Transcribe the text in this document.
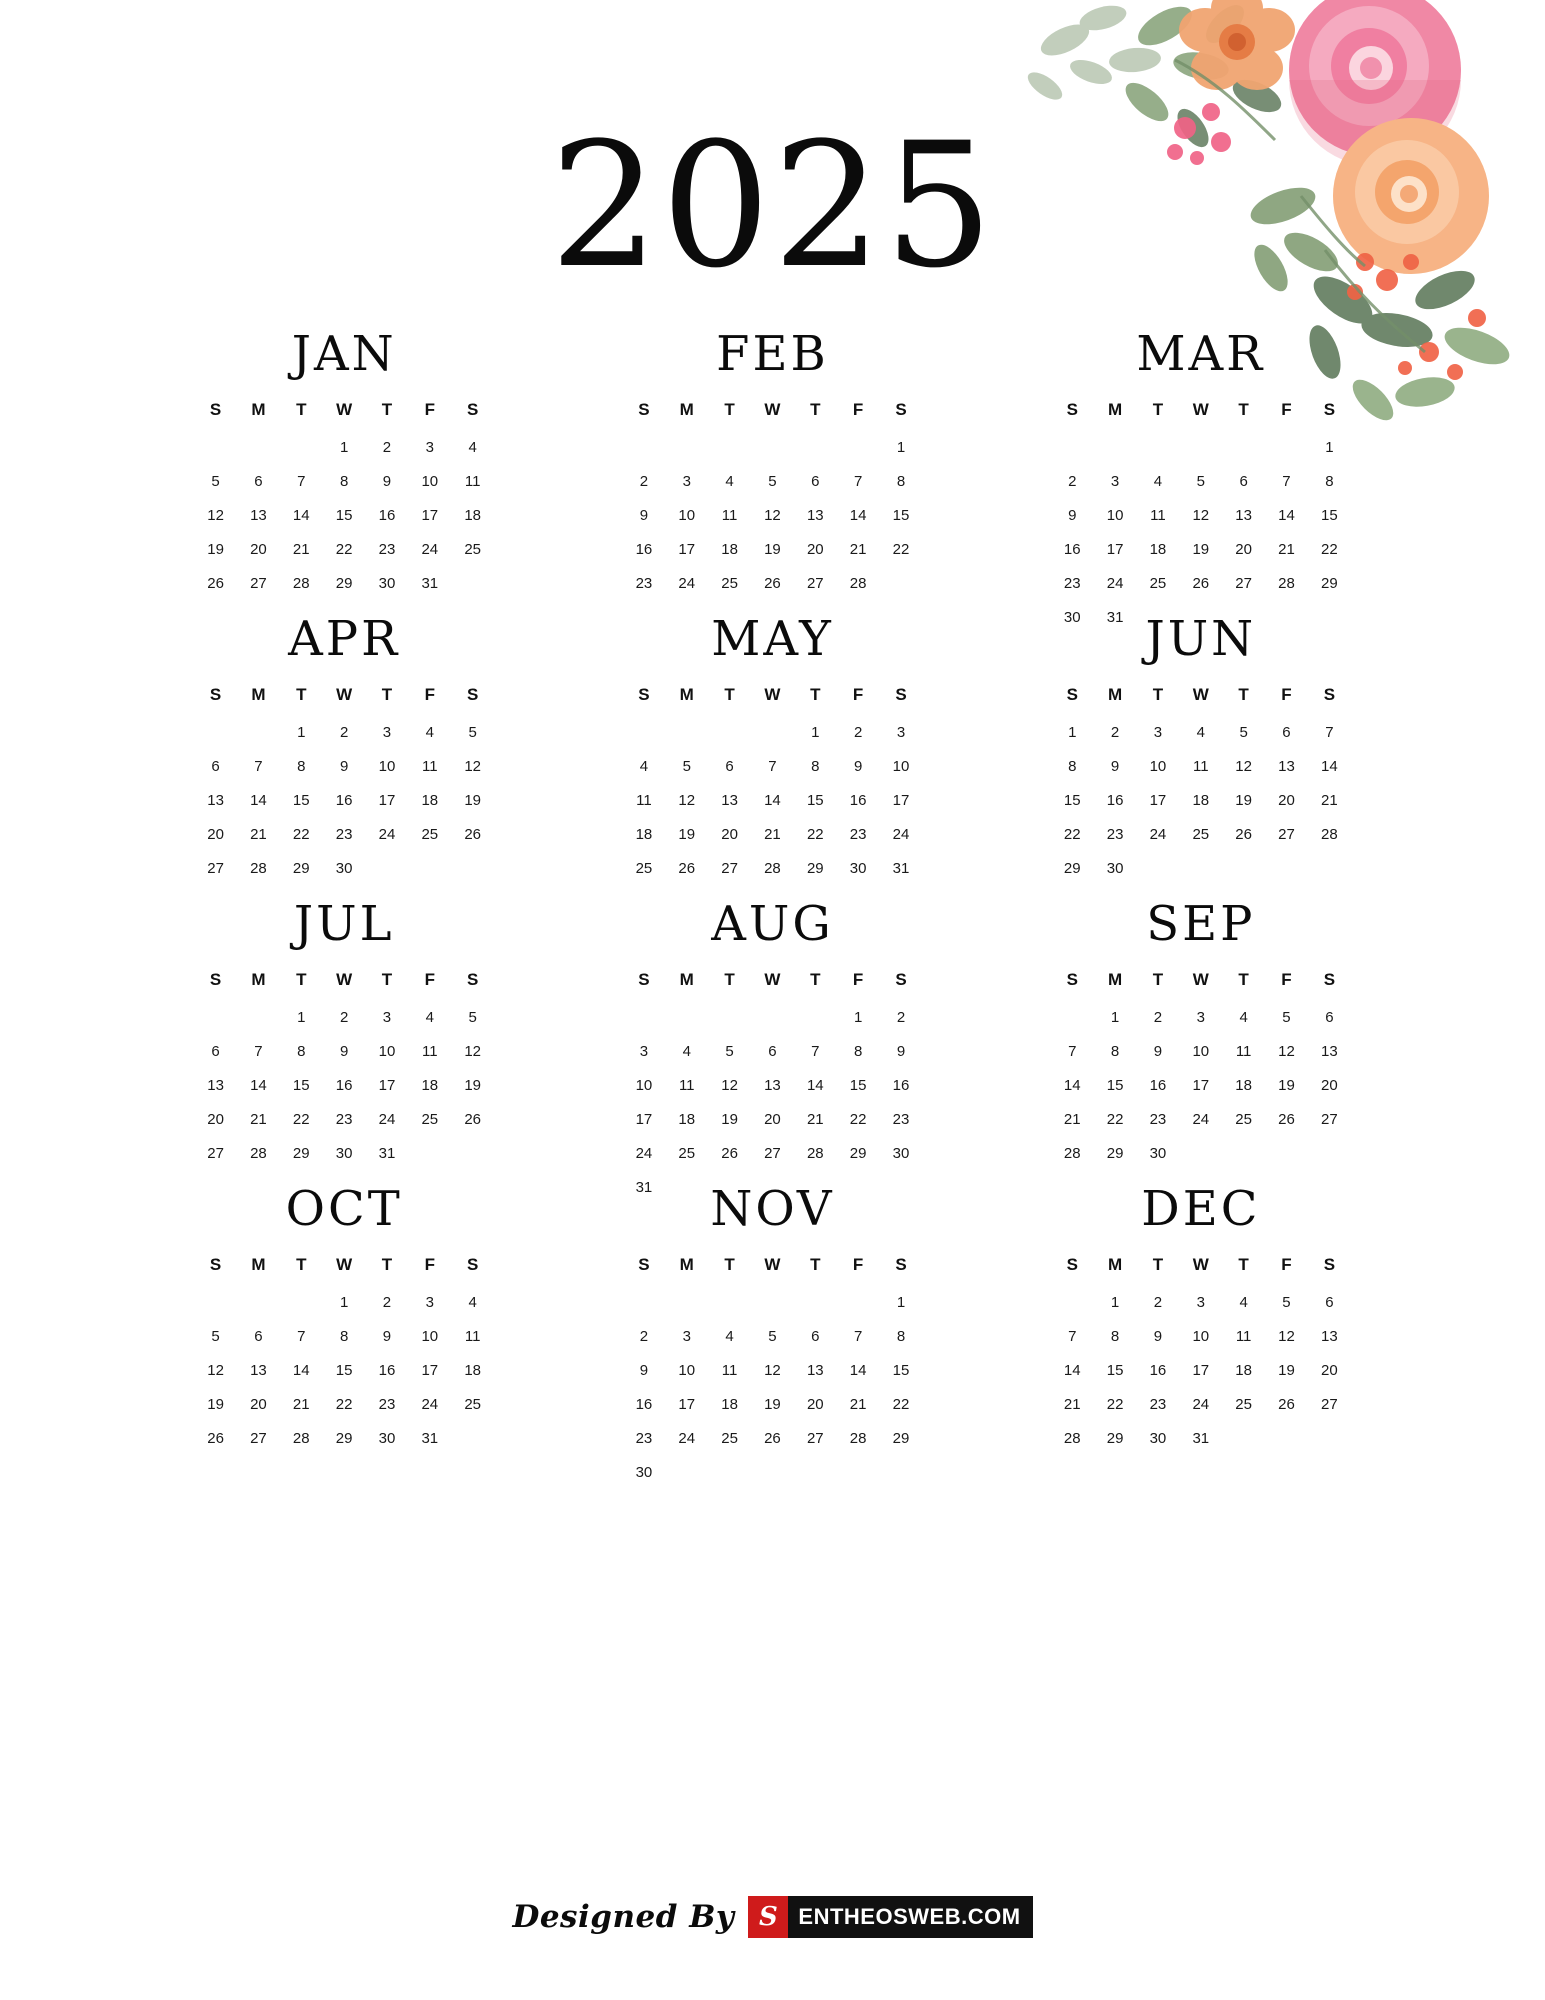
2025
JAN
S	M	T	W	T	F	S
			1	2	3	4
5	6	7	8	9	10	11
12	13	14	15	16	17	18
19	20	21	22	23	24	25
26	27	28	29	30	31	
FEB
S	M	T	W	T	F	S
						1
2	3	4	5	6	7	8
9	10	11	12	13	14	15
16	17	18	19	20	21	22
23	24	25	26	27	28	
MAR
S	M	T	W	T	F	S
						1
2	3	4	5	6	7	8
9	10	11	12	13	14	15
16	17	18	19	20	21	22
23	24	25	26	27	28	29
30	31					
APR
S	M	T	W	T	F	S
		1	2	3	4	5
6	7	8	9	10	11	12
13	14	15	16	17	18	19
20	21	22	23	24	25	26
27	28	29	30			
MAY
S	M	T	W	T	F	S
				1	2	3
4	5	6	7	8	9	10
11	12	13	14	15	16	17
18	19	20	21	22	23	24
25	26	27	28	29	30	31
JUN
S	M	T	W	T	F	S
1	2	3	4	5	6	7
8	9	10	11	12	13	14
15	16	17	18	19	20	21
22	23	24	25	26	27	28
29	30					
JUL
S	M	T	W	T	F	S
		1	2	3	4	5
6	7	8	9	10	11	12
13	14	15	16	17	18	19
20	21	22	23	24	25	26
27	28	29	30	31		
AUG
S	M	T	W	T	F	S
					1	2
3	4	5	6	7	8	9
10	11	12	13	14	15	16
17	18	19	20	21	22	23
24	25	26	27	28	29	30
31						
SEP
S	M	T	W	T	F	S
	1	2	3	4	5	6
7	8	9	10	11	12	13
14	15	16	17	18	19	20
21	22	23	24	25	26	27
28	29	30				
OCT
S	M	T	W	T	F	S
			1	2	3	4
5	6	7	8	9	10	11
12	13	14	15	16	17	18
19	20	21	22	23	24	25
26	27	28	29	30	31	
NOV
S	M	T	W	T	F	S
						1
2	3	4	5	6	7	8
9	10	11	12	13	14	15
16	17	18	19	20	21	22
23	24	25	26	27	28	29
30						
DEC
S	M	T	W	T	F	S
	1	2	3	4	5	6
7	8	9	10	11	12	13
14	15	16	17	18	19	20
21	22	23	24	25	26	27
28	29	30	31			
Designed By S ENTHEOSWEB.COM
